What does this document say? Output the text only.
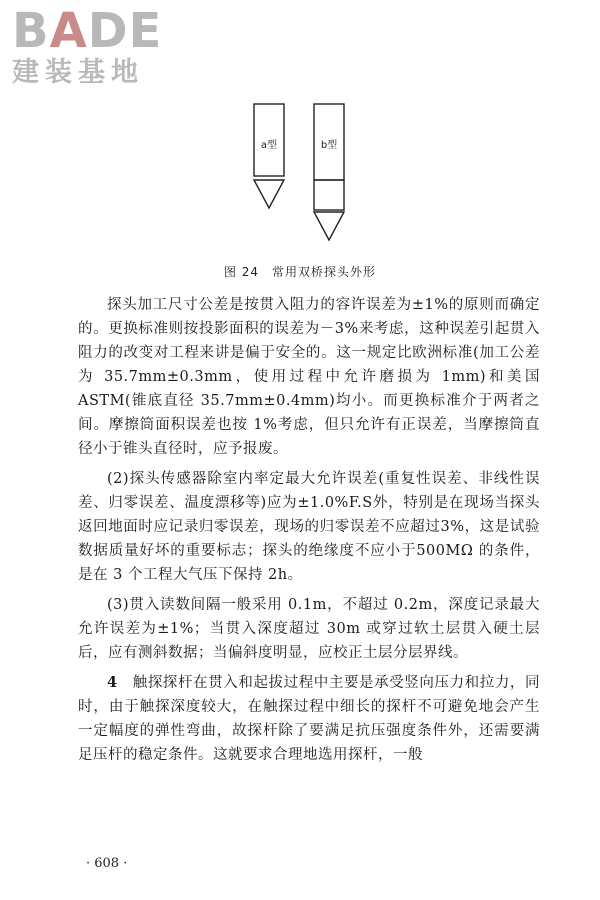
BADE
建装基地
a型	b型
图 24　常用双桥探头外形

探头加工尺寸公差是按贯入阻力的容许误差为±1%的原则而确定的。更换标准则按投影面积的误差为－3%来考虑，这种误差引起贯入阻力的改变对工程来讲是偏于安全的。这一规定比欧洲标准(加工公差为 35.7mm±0.3mm，使用过程中允许磨损为 1mm)和美国 ASTM(锥底直径 35.7mm±0.4mm)均小。而更换标准介于两者之间。摩擦筒面积误差也按 1%考虑，但只允许有正误差，当摩擦筒直径小于锥头直径时，应予报废。

(2)探头传感器除室内率定最大允许误差(重复性误差、非线性误差、归零误差、温度漂移等)应为±1.0%F.S外，特别是在现场当探头返回地面时应记录归零误差，现场的归零误差不应超过3%，这是试验数据质量好坏的重要标志；探头的绝缘度不应小于500MΩ 的条件，是在 3 个工程大气压下保持 2h。

(3)贯入读数间隔一般采用 0.1m，不超过 0.2m，深度记录最大允许误差为±1%；当贯入深度超过 30m 或穿过软土层贯入硬土层后，应有测斜数据；当偏斜度明显，应校正土层分层界线。

4　触探探杆在贯入和起拔过程中主要是承受竖向压力和拉力，同时，由于触探深度较大，在触探过程中细长的探杆不可避免地会产生一定幅度的弹性弯曲，故探杆除了要满足抗压强度条件外，还需要满足压杆的稳定条件。这就要求合理地选用探杆，一般

· 608 ·
